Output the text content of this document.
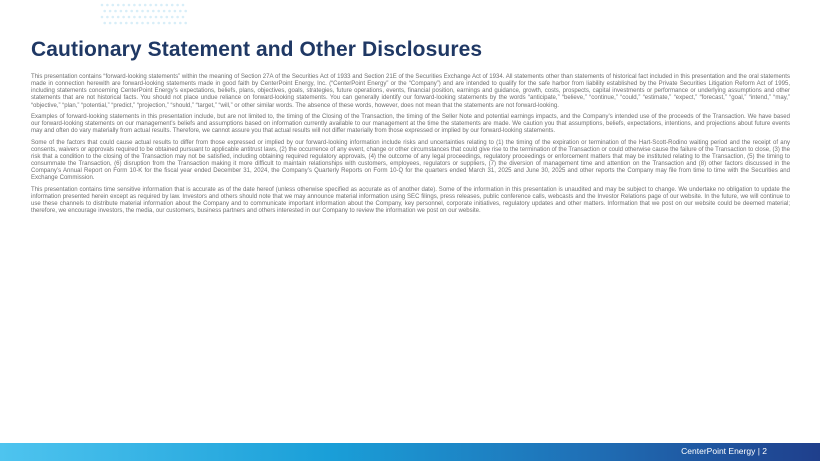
Cautionary Statement and Other Disclosures

This presentation contains “forward-looking statements” within the meaning of Section 27A of the Securities Act of 1933 and Section 21E of the Securities Exchange Act of 1934. All statements other than statements of historical fact included in this presentation and the oral statements made in connection herewith are forward-looking statements made in good faith by CenterPoint Energy, Inc. (“CenterPoint Energy” or the “Company”) and are intended to qualify for the safe harbor from liability established by the Private Securities Litigation Reform Act of 1995, including statements concerning CenterPoint Energy’s expectations, beliefs, plans, objectives, goals, strategies, future operations, events, financial position, earnings and guidance, growth, costs, prospects, capital investments or performance or underlying assumptions and other statements that are not historical facts. You should not place undue reliance on forward-looking statements. You can generally identify our forward-looking statements by the words “anticipate,” “believe,” “continue,” “could,” “estimate,” “expect,” “forecast,” “goal,” “intend,” “may,” “objective,” “plan,” “potential,” “predict,” “projection,” “should,” “target,” “will,” or other similar words. The absence of these words, however, does not mean that the statements are not forward-looking.

Examples of forward-looking statements in this presentation include, but are not limited to, the timing of the Closing of the Transaction, the timing of the Seller Note and potential earnings impacts, and the Company’s intended use of the proceeds of the Transaction. We have based our forward-looking statements on our management’s beliefs and assumptions based on information currently available to our management at the time the statements are made. We caution you that assumptions, beliefs, expectations, intentions, and projections about future events may and often do vary materially from actual results. Therefore, we cannot assure you that actual results will not differ materially from those expressed or implied by our forward-looking statements.

Some of the factors that could cause actual results to differ from those expressed or implied by our forward-looking information include risks and uncertainties relating to (1) the timing of the expiration or termination of the Hart-Scott-Rodino waiting period and the receipt of any consents, waivers or approvals required to be obtained pursuant to applicable antitrust laws, (2) the occurrence of any event, change or other circumstances that could give rise to the termination of the Transaction or could otherwise cause the failure of the Transaction to close, (3) the risk that a condition to the closing of the Transaction may not be satisfied, including obtaining required regulatory approvals, (4) the outcome of any legal proceedings, regulatory proceedings or enforcement matters that may be instituted relating to the Transaction, (5) the timing to consummate the Transaction, (6) disruption from the Transaction making it more difficult to maintain relationships with customers, employees, regulators or suppliers, (7) the diversion of management time and attention on the Transaction and (8) other factors discussed in the Company’s Annual Report on Form 10-K for the fiscal year ended December 31, 2024, the Company’s Quarterly Reports on Form 10-Q for the quarters ended March 31, 2025 and June 30, 2025 and other reports the Company may file from time to time with the Securities and Exchange Commission.

This presentation contains time sensitive information that is accurate as of the date hereof (unless otherwise specified as accurate as of another date). Some of the information in this presentation is unaudited and may be subject to change. We undertake no obligation to update the information presented herein except as required by law. Investors and others should note that we may announce material information using SEC filings, press releases, public conference calls, webcasts and the Investor Relations page of our website. In the future, we will continue to use these channels to distribute material information about the Company and to communicate important information about the Company, key personnel, corporate initiatives, regulatory updates and other matters. Information that we post on our website could be deemed material; therefore, we encourage investors, the media, our customers, business partners and others interested in our Company to review the information we post on our website.

CenterPoint Energy | 2
